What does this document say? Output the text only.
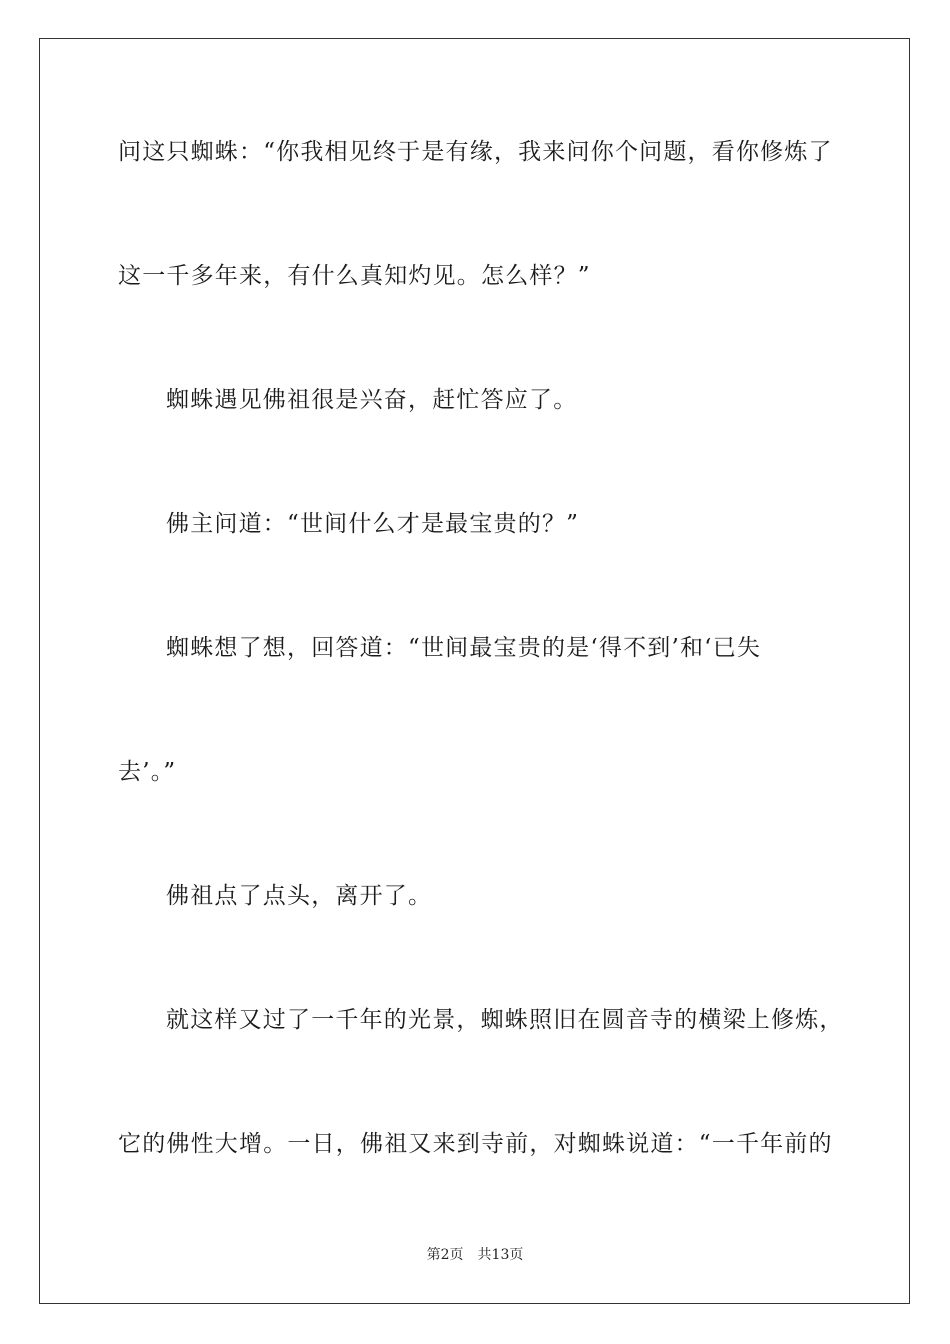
问这只蜘蛛：“你我相见终于是有缘，我来问你个问题，看你修炼了
这一千多年来，有什么真知灼见。怎么样？”
蜘蛛遇见佛祖很是兴奋，赶忙答应了。
佛主问道：“世间什么才是最宝贵的？”
蜘蛛想了想，回答道：“世间最宝贵的是‘得不到’和‘已失
去’。”
佛祖点了点头，离开了。
就这样又过了一千年的光景，蜘蛛照旧在圆音寺的横梁上修炼，
它的佛性大增。一日，佛祖又来到寺前，对蜘蛛说道：“一千年前的
第2页 共13页
